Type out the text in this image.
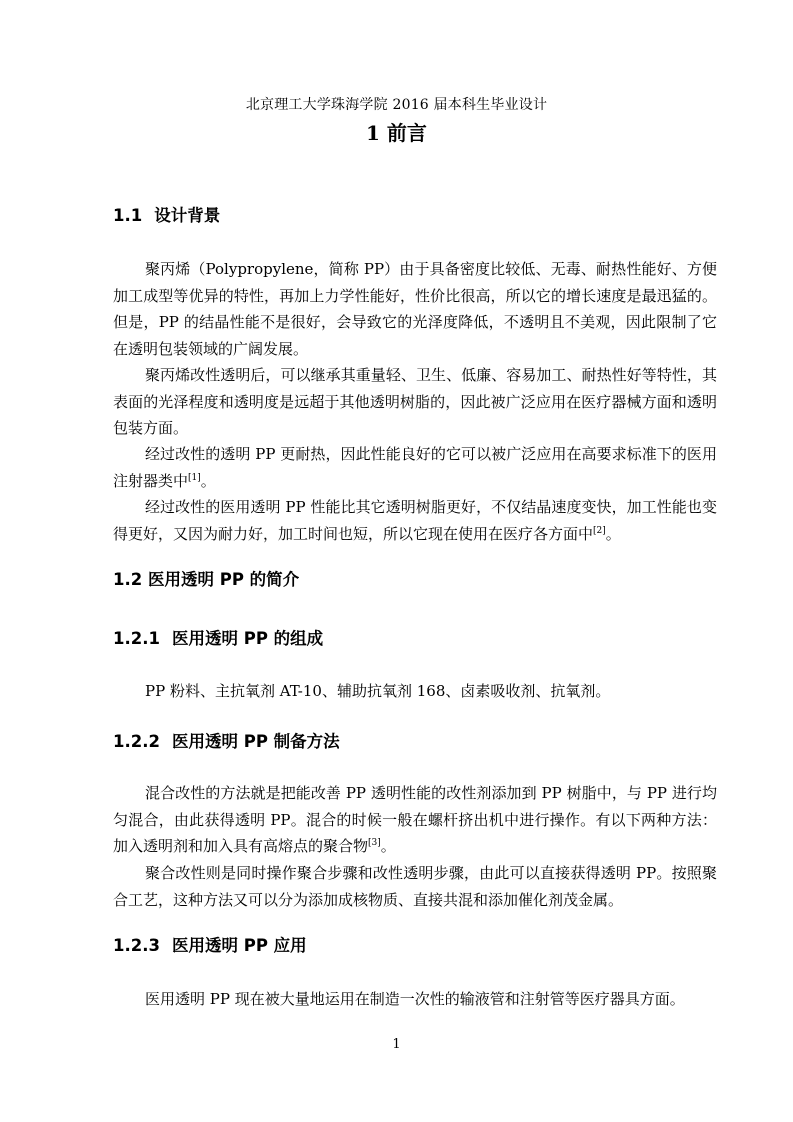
北京理工大学珠海学院 2016 届本科生毕业设计
1 前言
1.1 设计背景
聚丙烯（Polypropylene，简称 PP）由于具备密度比较低、无毒、耐热性能好、方便加工成型等优异的特性，再加上力学性能好，性价比很高，所以它的增长速度是最迅猛的。但是，PP 的结晶性能不是很好，会导致它的光泽度降低，不透明且不美观，因此限制了它在透明包装领域的广阔发展。
聚丙烯改性透明后，可以继承其重量轻、卫生、低廉、容易加工、耐热性好等特性，其表面的光泽程度和透明度是远超于其他透明树脂的，因此被广泛应用在医疗器械方面和透明包装方面。
经过改性的透明 PP 更耐热，因此性能良好的它可以被广泛应用在高要求标准下的医用注射器类中[1]。
经过改性的医用透明 PP 性能比其它透明树脂更好，不仅结晶速度变快，加工性能也变得更好，又因为耐力好，加工时间也短，所以它现在使用在医疗各方面中[2]。
1.2 医用透明 PP 的简介
1.2.1 医用透明 PP 的组成
PP 粉料、主抗氧剂 AT-10、辅助抗氧剂 168、卤素吸收剂、抗氧剂。
1.2.2 医用透明 PP 制备方法
混合改性的方法就是把能改善 PP 透明性能的改性剂添加到 PP 树脂中，与 PP 进行均匀混合，由此获得透明 PP。混合的时候一般在螺杆挤出机中进行操作。有以下两种方法：加入透明剂和加入具有高熔点的聚合物[3]。
聚合改性则是同时操作聚合步骤和改性透明步骤，由此可以直接获得透明 PP。按照聚合工艺，这种方法又可以分为添加成核物质、直接共混和添加催化剂茂金属。
1.2.3 医用透明 PP 应用
医用透明 PP 现在被大量地运用在制造一次性的输液管和注射管等医疗器具方面。
1
